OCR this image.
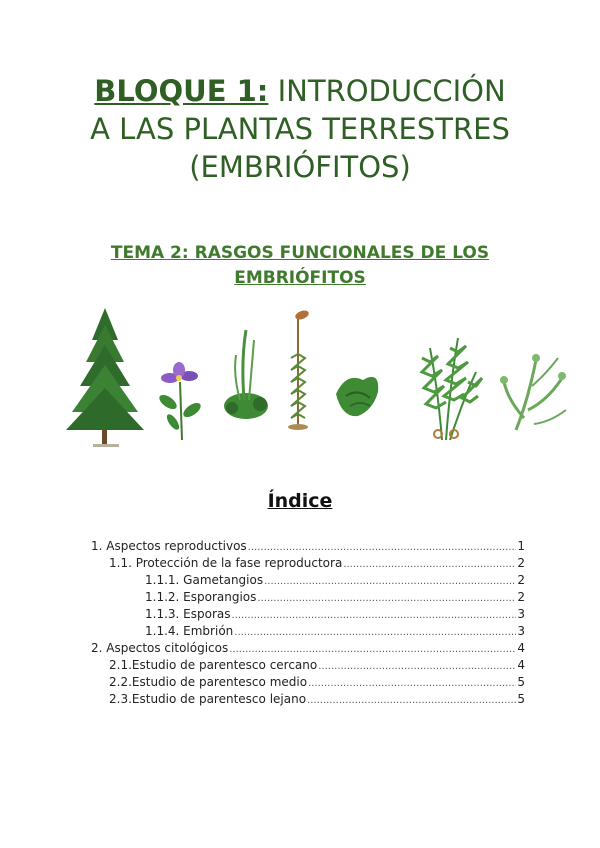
BLOQUE 1: INTRODUCCIÓN
A LAS PLANTAS TERRESTRES
(EMBRIÓFITOS)
TEMA 2: RASGOS FUNCIONALES DE LOS
EMBRIÓFITOS
Índice
1. Aspectos reproductivos .....	1
1.1. Protección de la fase reproductora .....	2
1.1.1. Gametangios .....	2
1.1.2. Esporangios .....	2
1.1.3. Esporas .....	3
1.1.4. Embrión .....	3
2. Aspectos citológicos .....	4
2.1.Estudio de parentesco cercano .....	4
2.2.Estudio de parentesco medio .....	5
2.3.Estudio de parentesco lejano .....	5
